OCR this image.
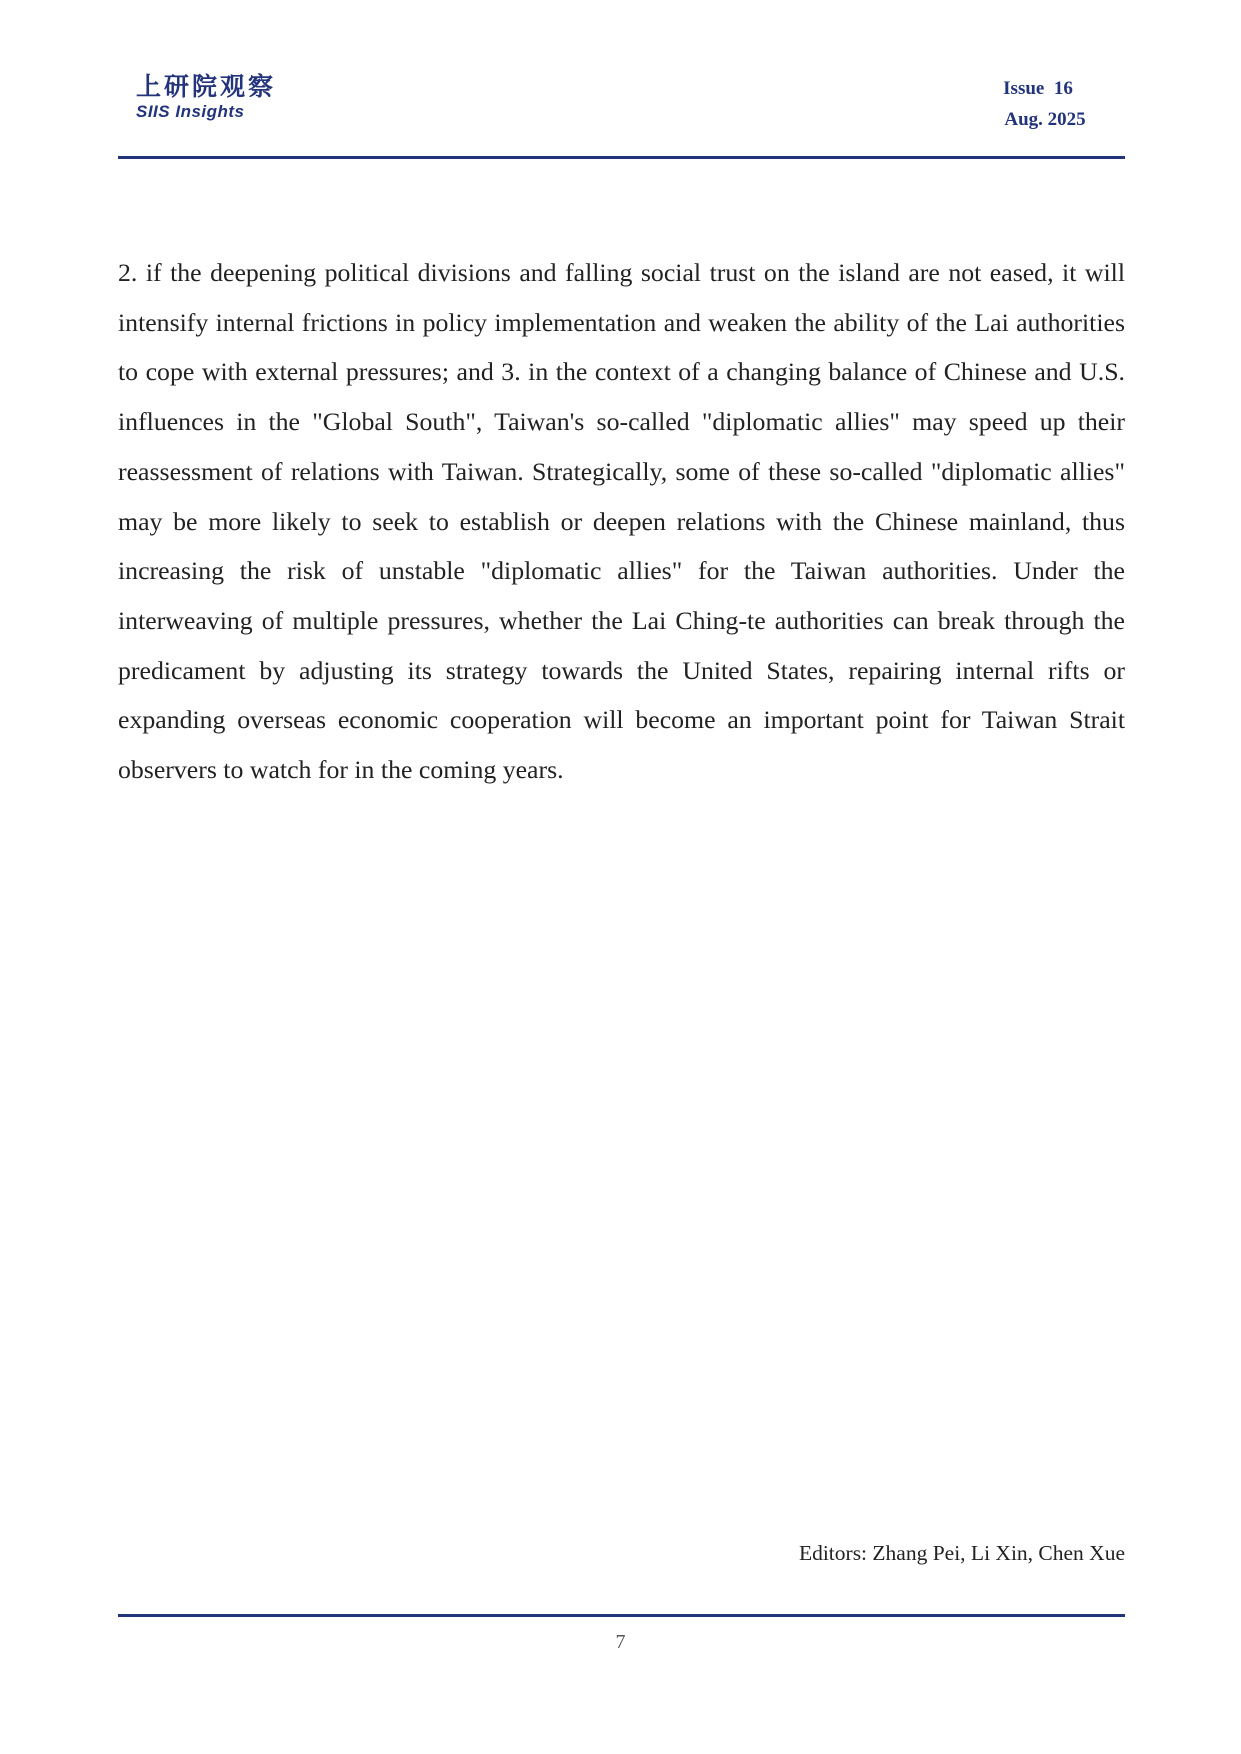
上研院观察
SIIS Insights
Issue  16
Aug. 2025

2. if the deepening political divisions and falling social trust on the island are not eased, it will intensify internal frictions in policy implementation and weaken the ability of the Lai authorities to cope with external pressures; and 3. in the context of a changing balance of Chinese and U.S. influences in the "Global South", Taiwan's so-called "diplomatic allies" may speed up their reassessment of relations with Taiwan. Strategically, some of these so-called "diplomatic allies" may be more likely to seek to establish or deepen relations with the Chinese mainland, thus increasing the risk of unstable "diplomatic allies" for the Taiwan authorities. Under the interweaving of multiple pressures, whether the Lai Ching-te authorities can break through the predicament by adjusting its strategy towards the United States, repairing internal rifts or expanding overseas economic cooperation will become an important point for Taiwan Strait observers to watch for in the coming years.

Editors: Zhang Pei, Li Xin, Chen Xue
7
